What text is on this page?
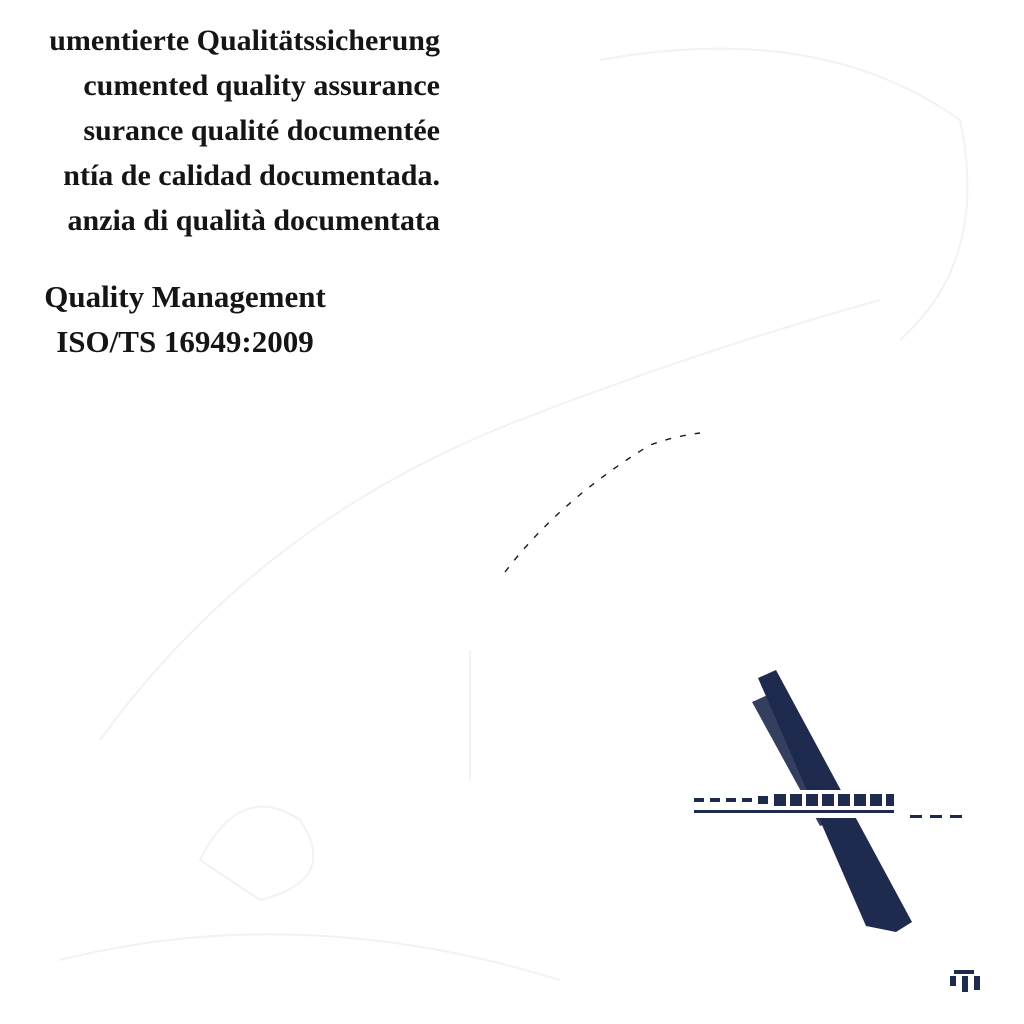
umentierte Qualitätssicherung
cumented quality assurance
surance qualité documentée
ntía de calidad documentada.
anzia di qualità documentata
Quality Management
ISO/TS 16949:2009
